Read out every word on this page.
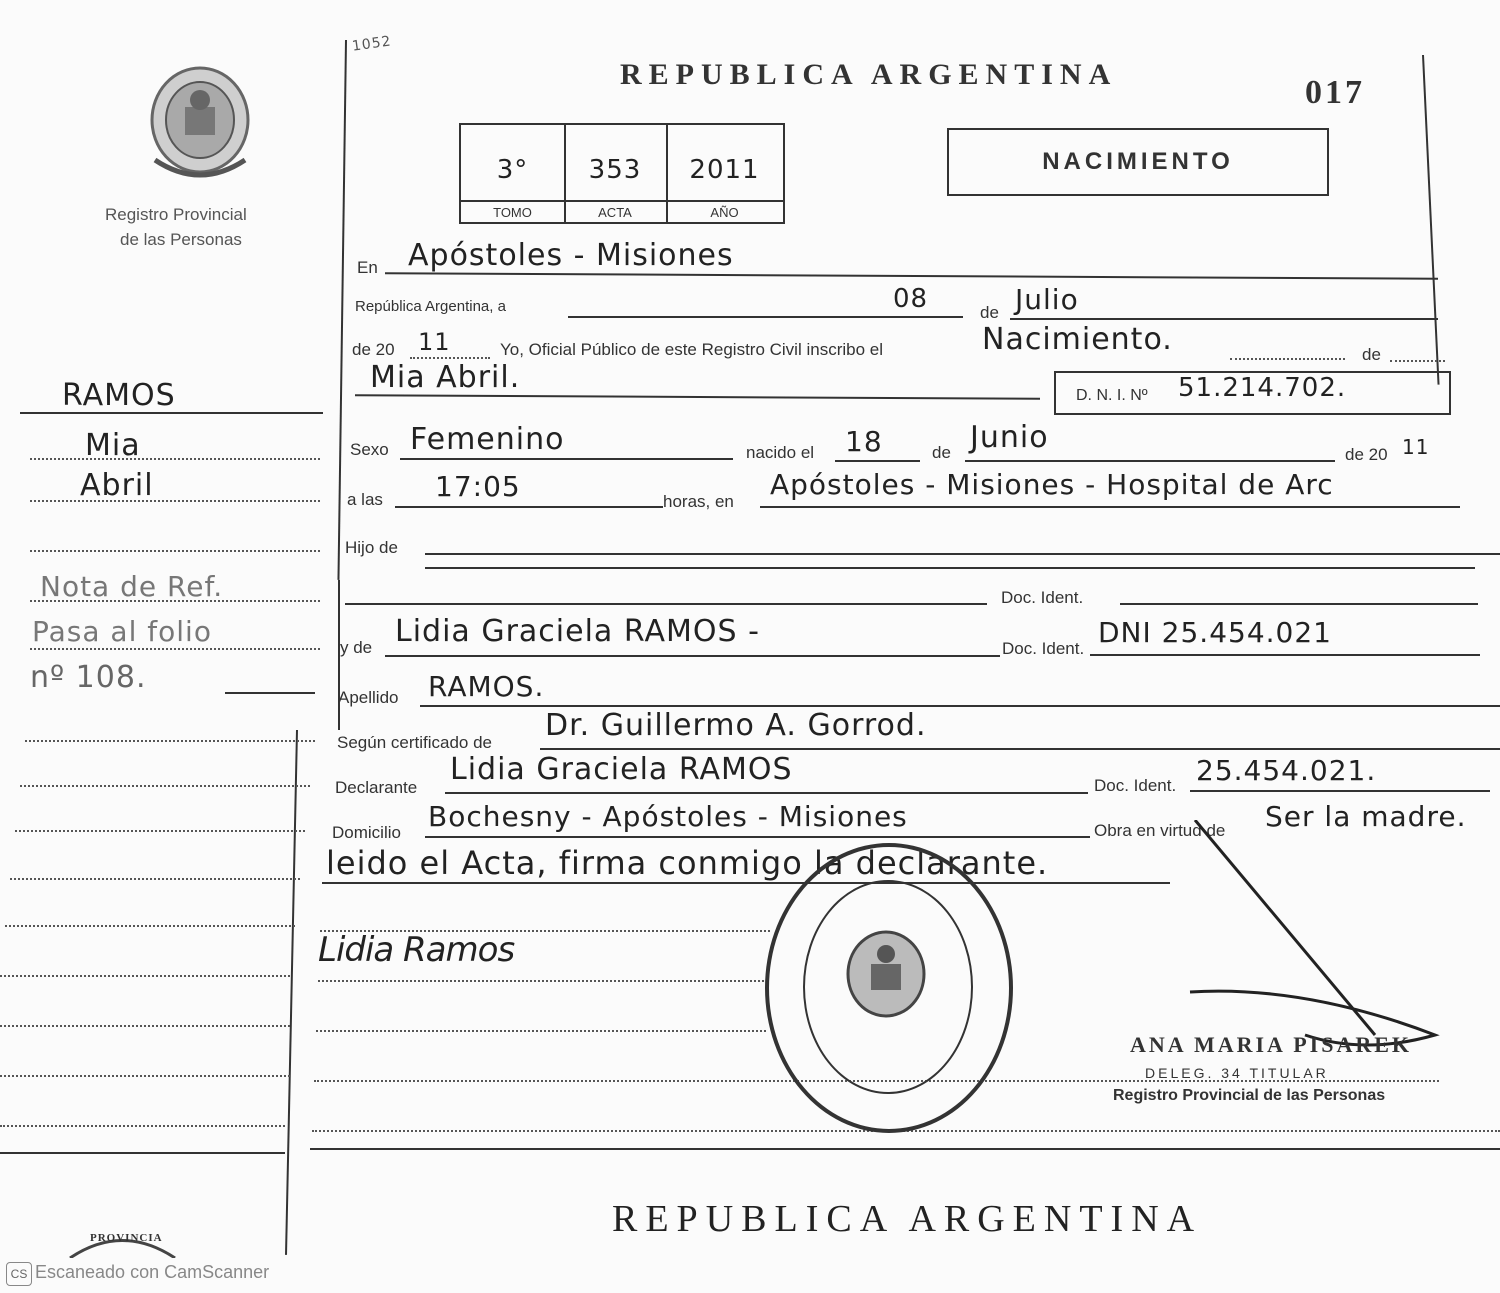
REPUBLICA ARGENTINA	017
1052
Registro Provincial
de las Personas
3°
TOMO
353
ACTA
2011
AÑO
NACIMIENTO
RAMOS
Mia
Abril
Nota de Ref.
Pasa al folio
nº 108.
En Apóstoles - Misiones
República Argentina, a	08	de Julio
de 20 11	Yo, Oficial Público de este Registro Civil inscribo el	Nacimiento.	de
Mia Abril.
D. N. I. Nº 51.214.702.
Sexo Femenino	nacido el 18	de Junio	de 20 11
a las 17:05	horas, en
Apóstoles - Misiones - Hospital de Arc
Hijo de
Doc. Ident.
y de Lidia Graciela RAMOS -	Doc. Ident. DNI 25.454.021
Apellido RAMOS.
Según certificado de Dr. Guillermo A. Gorrod.
Declarante
Lidia Graciela RAMOS	Doc. Ident. 25.454.021.
Domicilio Bochesny - Apóstoles - Misiones	Obra en virtud de Ser la madre.
leido el Acta, firma conmigo la declarante.
Lidia Ramos
ANA MARIA PISAREK
DELEG. 34 TITULAR
Registro Provincial de las Personas
REPUBLICA ARGENTINA
PROVINCIA
CS Escaneado con CamScanner
